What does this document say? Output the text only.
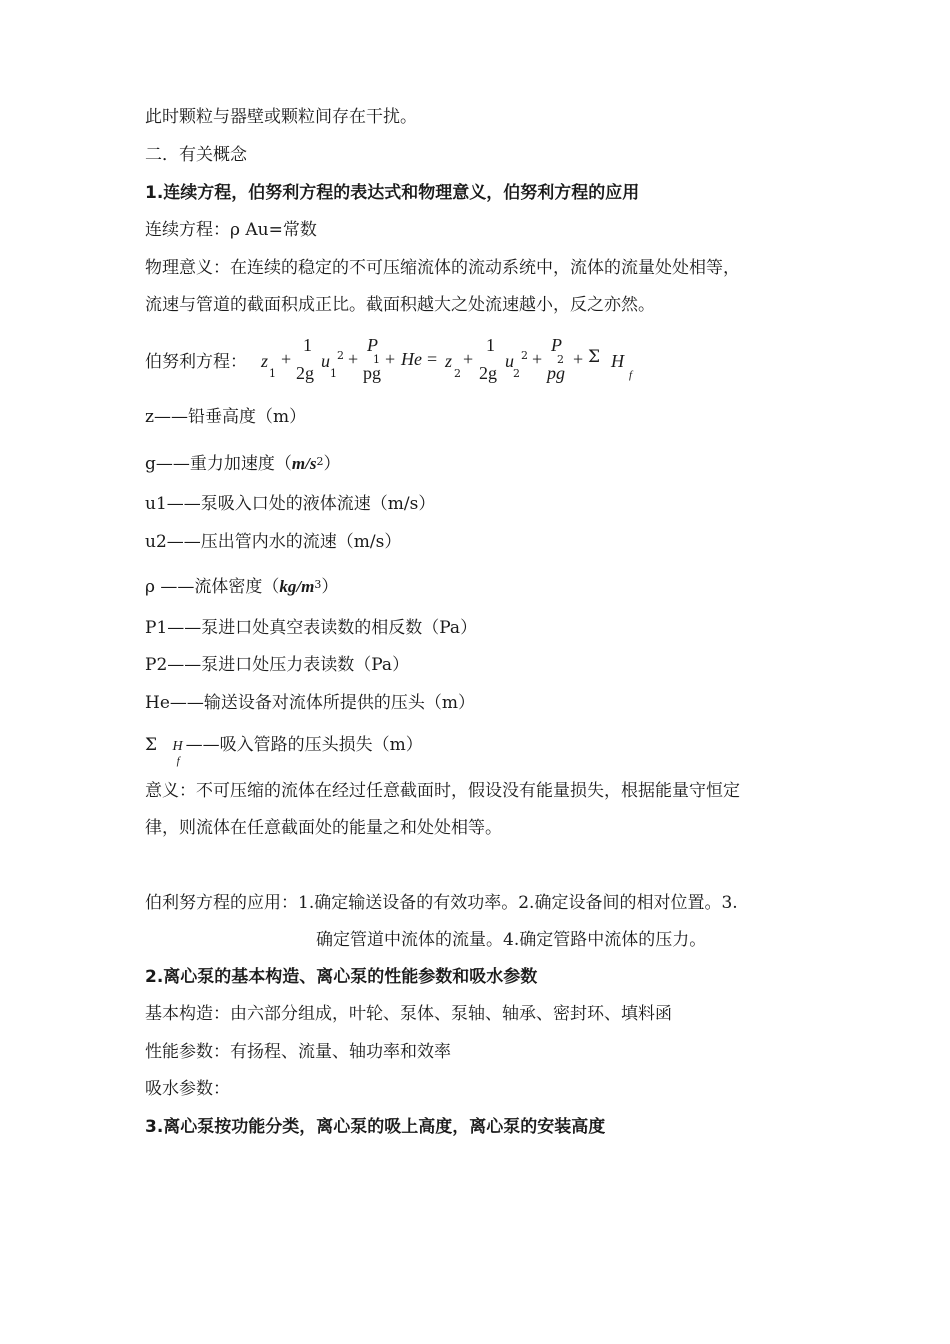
此时颗粒与器壁或颗粒间存在干扰。
二．有关概念
1.连续方程，伯努利方程的表达式和物理意义，伯努利方程的应用
连续方程：ρ Au=常数
物理意义：在连续的稳定的不可压缩流体的流动系统中，流体的流量处处相等，
流速与管道的截面积成正比。截面积越大之处流速越小，反之亦然。
伯努利方程： z
1
+
1
2g
u
1
2 +
P
1
pg
+ He = z
2
+
1
2g
u
2
2 +
P
2
pg
+ Σ H
f
z——铅垂高度（m）
g——重力加速度$(m/s^2)$
u1——泵吸入口处的液体流速（m/s）
u2——压出管内水的流速（m/s）
ρ ——流体密度$(kg/m^3)$
P1——泵进口处真空表读数的相反数（Pa）
P2——泵进口处压力表读数（Pa）
He——输送设备对流体所提供的压头（m）
Σ $H_f——$吸入管路的压头损失（m）
意义：不可压缩的流体在经过任意截面时，假设没有能量损失，根据能量守恒定
律，则流体在任意截面处的能量之和处处相等。
伯利努方程的应用：1.确定输送设备的有效功率。2.确定设备间的相对位置。3.
确定管道中流体的流量。4.确定管路中流体的压力。
2.离心泵的基本构造、离心泵的性能参数和吸水参数
基本构造：由六部分组成，叶轮、泵体、泵轴、轴承、密封环、填料函
性能参数：有扬程、流量、轴功率和效率
吸水参数：
3.离心泵按功能分类，离心泵的吸上高度，离心泵的安装高度
